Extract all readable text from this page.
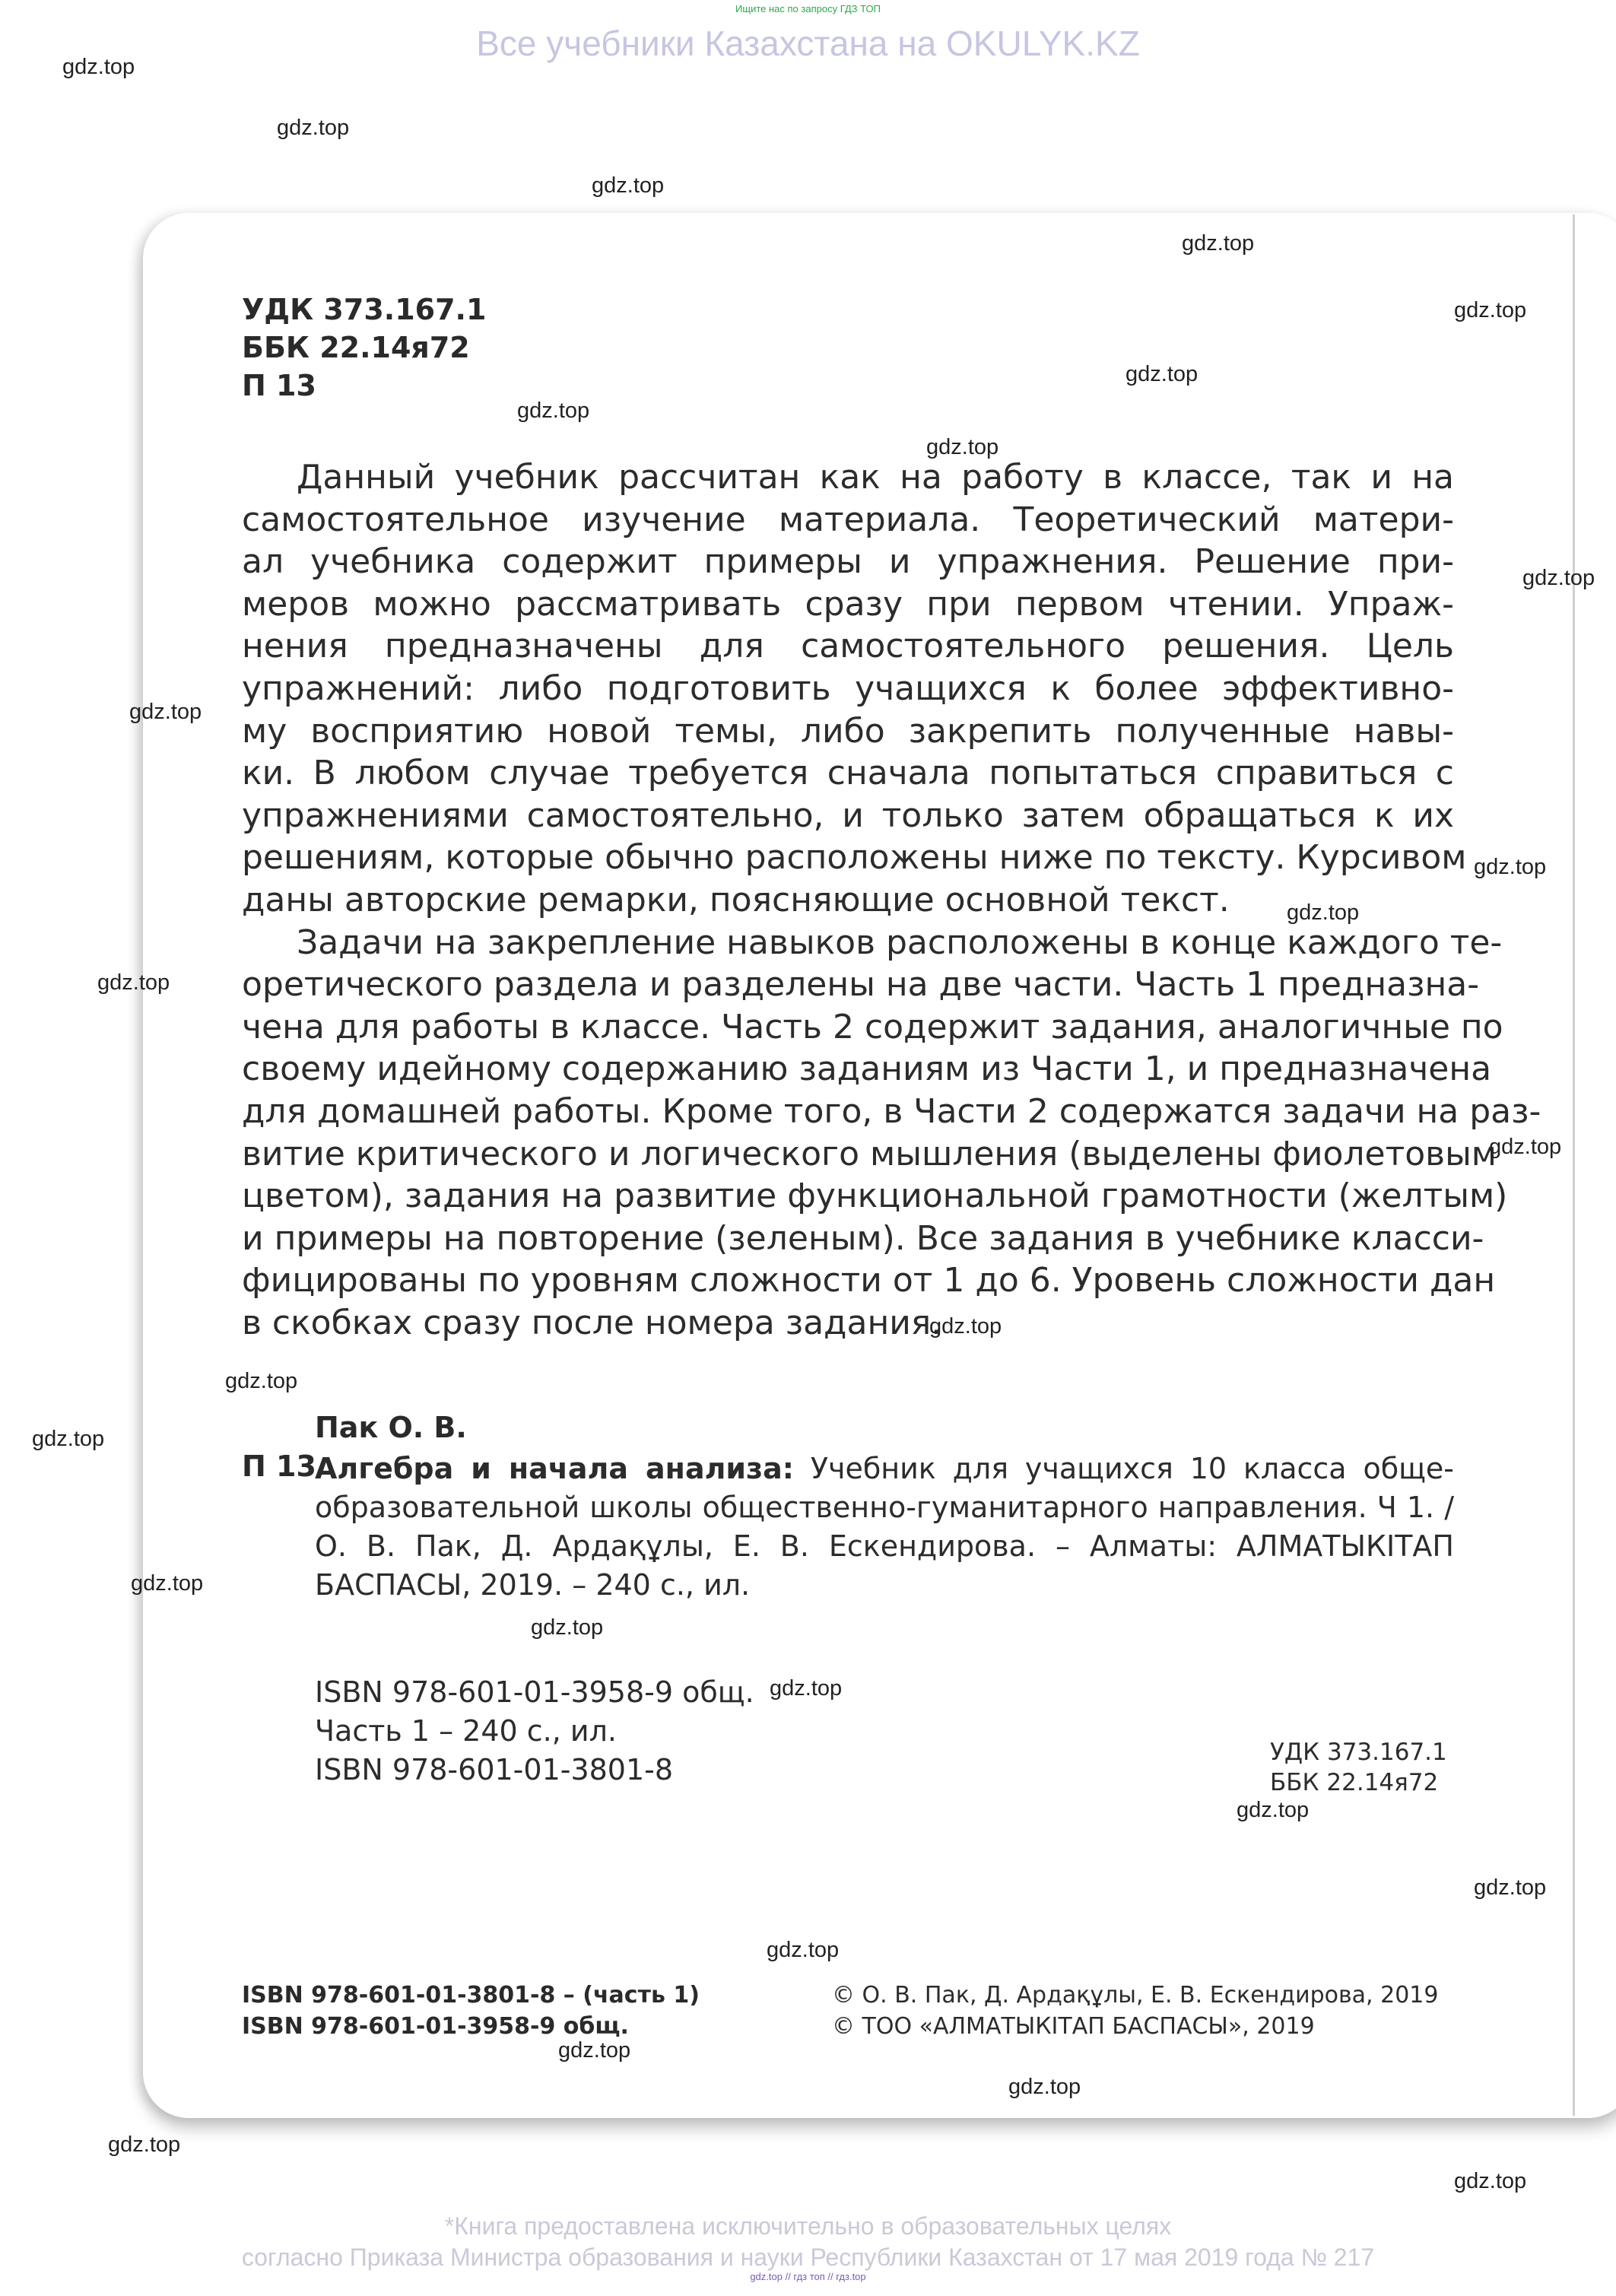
Ищите нас по запросу ГДЗ ТОП
Все учебники Казахстана на OKULYK.KZ
УДК 373.167.1
ББК 22.14я72
П 13
Данный учебник рассчитан как на работу в классе, так и на
самостоятельное изучение материала. Теоретический матери-
ал учебника содержит примеры и упражнения. Решение при-
меров можно рассматривать сразу при первом чтении. Упраж-
нения предназначены для самостоятельного решения. Цель
упражнений: либо подготовить учащихся к более эффективно-
му восприятию новой темы, либо закрепить полученные навы-
ки. В любом случае требуется сначала попытаться справиться с
упражнениями самостоятельно, и только затем обращаться к их
решениям, которые обычно расположены ниже по тексту. Курсивом
даны авторские ремарки, поясняющие основной текст.
Задачи на закрепление навыков расположены в конце каждого те-
оретического раздела и разделены на две части. Часть 1 предназна-
чена для работы в классе. Часть 2 содержит задания, аналогичные по
своему идейному содержанию заданиям из Части 1, и предназначена
для домашней работы. Кроме того, в Части 2 содержатся задачи на раз-
витие критического и логического мышления (выделены фиолетовым
цветом), задания на развитие функциональной грамотности (желтым)
и примеры на повторение (зеленым). Все задания в учебнике класси-
фицированы по уровням сложности от 1 до 6. Уровень сложности дан
в скобках сразу после номера задания.
Пак О. В.
П 13
Алгебра и начала анализа: Учебник для учащихся 10 класса обще-
образовательной школы общественно-гуманитарного направления. Ч 1. /
О. В. Пак, Д. Ардақұлы, Е. В. Ескендирова. – Алматы: АЛМАТЫКІТАП
БАСПАСЫ, 2019. – 240 с., ил.
ISBN 978-601-01-3958-9 общ.
Часть 1 – 240 с., ил.
ISBN 978-601-01-3801-8
УДК 373.167.1
ББК 22.14я72
ISBN 978-601-01-3801-8 – (часть 1)
ISBN 978-601-01-3958-9 общ.
© О. В. Пак, Д. Ардақұлы, Е. В. Ескендирова, 2019
© ТОО «АЛМАТЫКІТАП БАСПАСЫ», 2019
gdz.top
gdz.top
gdz.top
gdz.top
gdz.top
gdz.top
gdz.top
gdz.top
gdz.top
gdz.top
gdz.top
gdz.top
gdz.top
gdz.top
gdz.top
gdz.top
gdz.top
gdz.top
gdz.top
gdz.top
gdz.top
gdz.top
gdz.top
gdz.top
gdz.top
gdz.top
gdz.top
*Книга предоставлена исключительно в образовательных целях
согласно Приказа Министра образования и науки Республики Казахстан от 17 мая 2019 года № 217
gdz.top // гдз топ // гдз.top
